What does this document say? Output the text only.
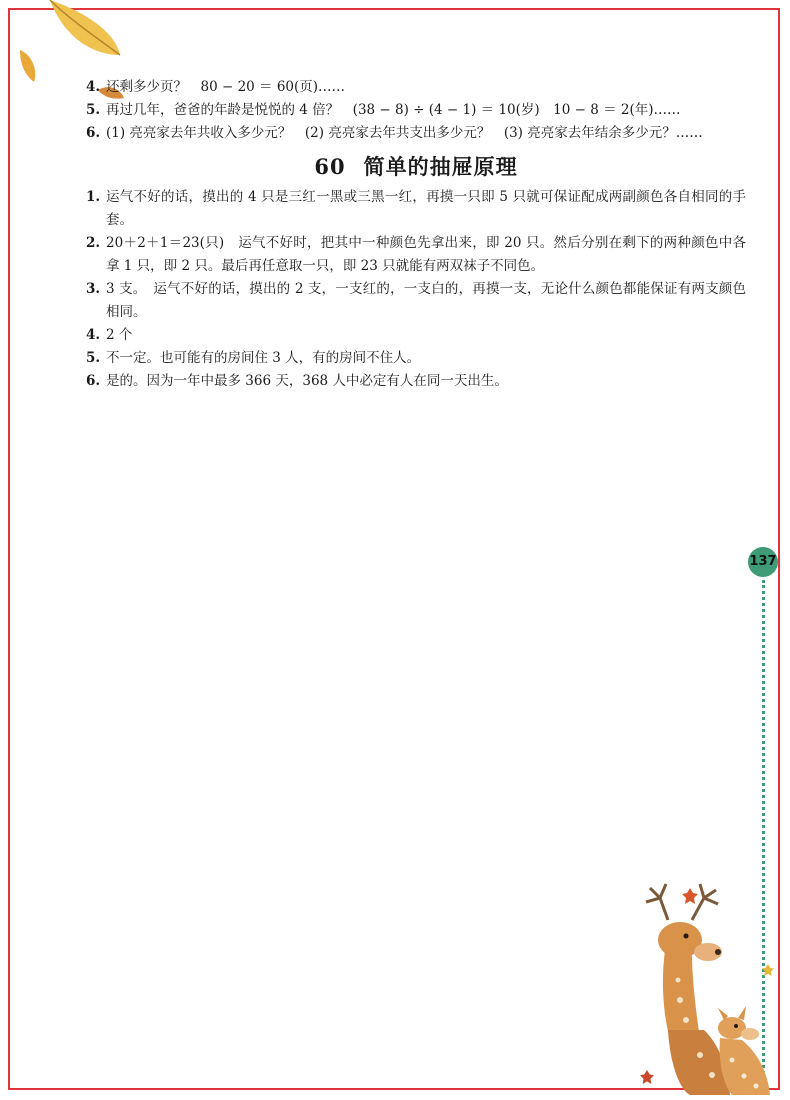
4. 还剩多少页？　80 − 20 ＝ 60(页)……
5. 再过几年，爸爸的年龄是悦悦的 4 倍？　(38 − 8) ÷ (4 − 1) ＝ 10(岁)　10 − 8 ＝ 2(年)……
6. (1) 亮亮家去年共收入多少元？　(2) 亮亮家去年共支出多少元？　(3) 亮亮家去年结余多少元？……
60 简单的抽屉原理
1. 运气不好的话，摸出的 4 只是三红一黑或三黑一红，再摸一只即 5 只就可保证配成两副颜色各自相同的手套。
2. 20＋2＋1＝23(只)　运气不好时，把其中一种颜色先拿出来，即 20 只。然后分别在剩下的两种颜色中各拿 1 只，即 2 只。最后再任意取一只，即 23 只就能有两双袜子不同色。
3. 3 支。　运气不好的话，摸出的 2 支，一支红的，一支白的，再摸一支，无论什么颜色都能保证有两支颜色相同。
4. 2 个
5. 不一定。也可能有的房间住 3 人，有的房间不住人。
6. 是的。因为一年中最多 366 天，368 人中必定有人在同一天出生。
137
